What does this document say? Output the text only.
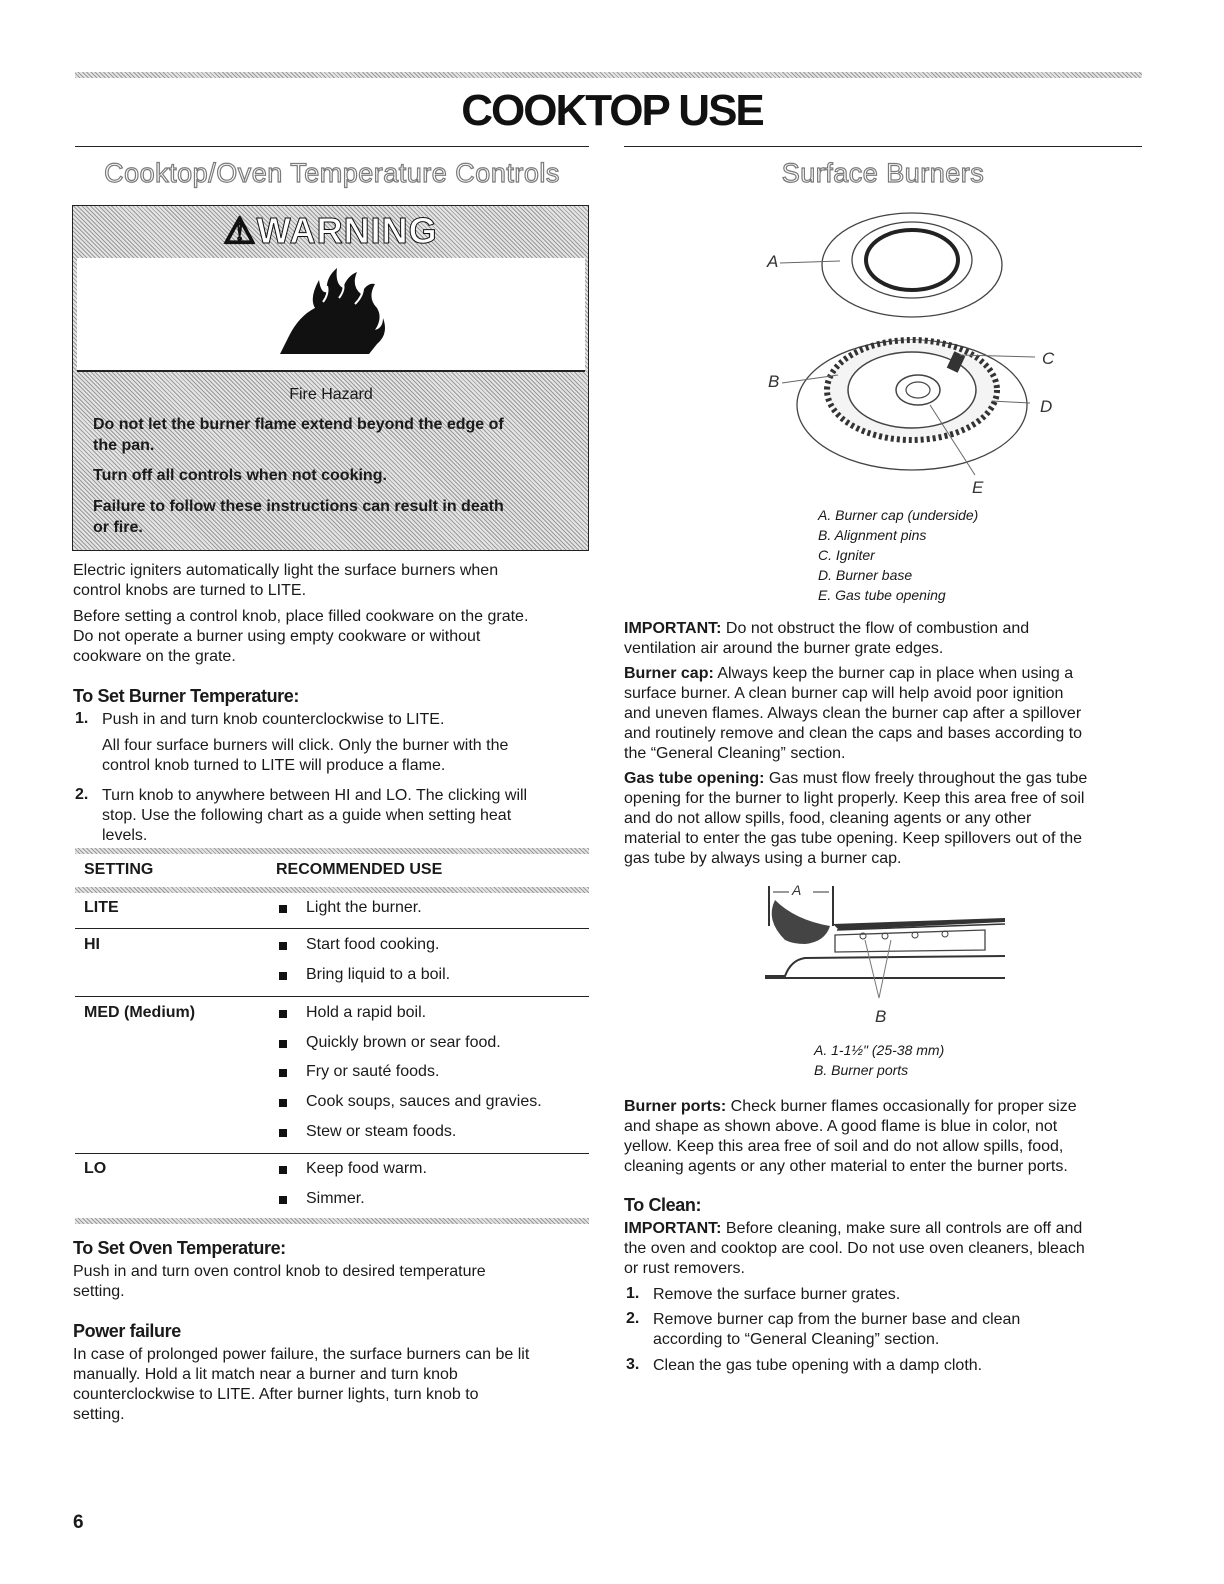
COOKTOP USE
Cooktop/Oven Temperature Controls	Surface Burners
⚠WARNING
Fire Hazard
Do not let the burner flame extend beyond the edge of
the pan.
Turn off all controls when not cooking.
Failure to follow these instructions can result in death
or fire.
Electric igniters automatically light the surface burners when
control knobs are turned to LITE.
Before setting a control knob, place filled cookware on the grate.
Do not operate a burner using empty cookware or without
cookware on the grate.
To Set Burner Temperature:
1. Push in and turn knob counterclockwise to LITE.
All four surface burners will click. Only the burner with the
control knob turned to LITE will produce a flame.
2. Turn knob to anywhere between HI and LO. The clicking will
stop. Use the following chart as a guide when setting heat
levels.
SETTING	RECOMMENDED USE
LITE	Light the burner.
HI	Start food cooking.
Bring liquid to a boil.
MED (Medium)	Hold a rapid boil.
Quickly brown or sear food.
Fry or sauté foods.
Cook soups, sauces and gravies.
Stew or steam foods.
LO	Keep food warm.
Simmer.
To Set Oven Temperature:
Push in and turn oven control knob to desired temperature
setting.
Power failure
In case of prolonged power failure, the surface burners can be lit
manually. Hold a lit match near a burner and turn knob
counterclockwise to LITE. After burner lights, turn knob to
setting.
6
A
B
C
D
E
A. Burner cap (underside)
B. Alignment pins
C. Igniter
D. Burner base
E. Gas tube opening
IMPORTANT: Do not obstruct the flow of combustion and
ventilation air around the burner grate edges.
Burner cap: Always keep the burner cap in place when using a
surface burner. A clean burner cap will help avoid poor ignition
and uneven flames. Always clean the burner cap after a spillover
and routinely remove and clean the caps and bases according to
the “General Cleaning” section.
Gas tube opening: Gas must flow freely throughout the gas tube
opening for the burner to light properly. Keep this area free of soil
and do not allow spills, food, cleaning agents or any other
material to enter the gas tube opening. Keep spillovers out of the
gas tube by always using a burner cap.
A
B
A. 1-1½" (25-38 mm)
B. Burner ports
Burner ports: Check burner flames occasionally for proper size
and shape as shown above. A good flame is blue in color, not
yellow. Keep this area free of soil and do not allow spills, food,
cleaning agents or any other material to enter the burner ports.
To Clean:
IMPORTANT: Before cleaning, make sure all controls are off and
the oven and cooktop are cool. Do not use oven cleaners, bleach
or rust removers.
1. Remove the surface burner grates.
2. Remove burner cap from the burner base and clean
according to “General Cleaning” section.
3. Clean the gas tube opening with a damp cloth.
